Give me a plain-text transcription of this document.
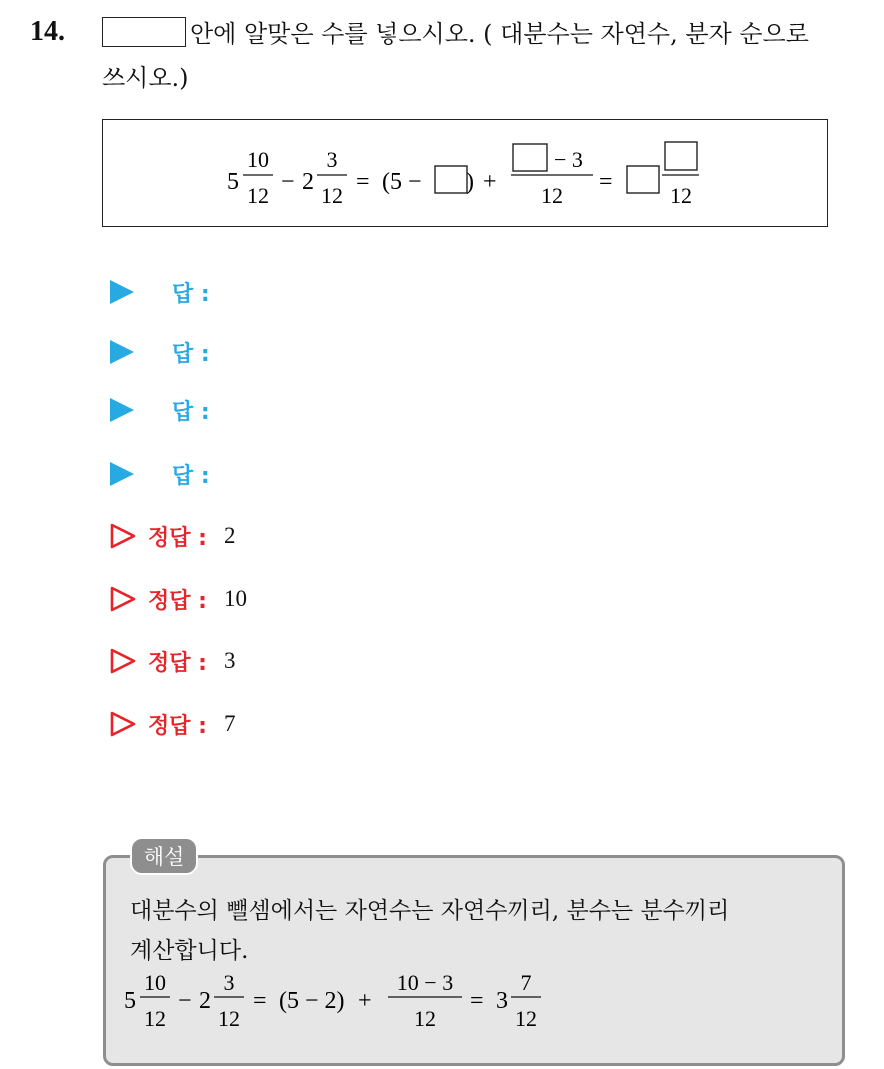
14.	안에 알맞은 수를 넣으시오. ( 대분수는 자연수, 분자 순으로
쓰시오.)
5
10
12
− 2
3
12
= (5 − ) +
− 3
12
=
12
답 :
답 :
답 :
답 :
정답 : 2
정답 : 10
정답 : 3
정답 : 7
해설
대분수의 뺄셈에서는 자연수는 자연수끼리, 분수는 분수끼리
계산합니다.
5
10
12
− 2
3
12
= (5 − 2) +
10 − 3
12
= 3
7
12
